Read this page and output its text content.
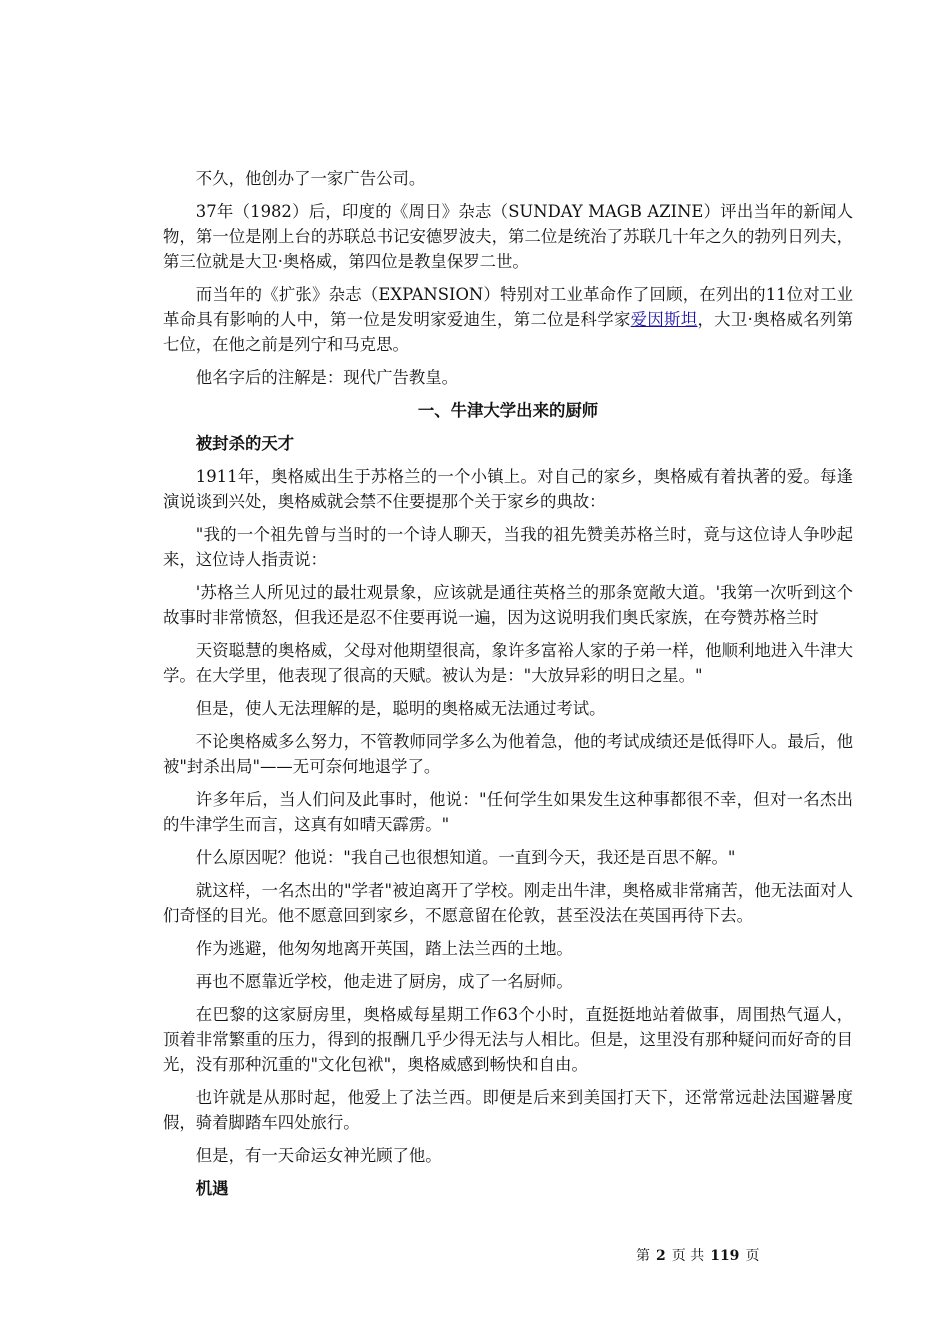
不久，他创办了一家广告公司。

37年（1982）后，印度的《周日》杂志（SUNDAY MAGB AZINE）评出当年的新闻人物，第一位是刚上台的苏联总书记安德罗波夫，第二位是统治了苏联几十年之久的勃列日列夫，第三位就是大卫·奥格威，第四位是教皇保罗二世。

而当年的《扩张》杂志（EXPANSION）特别对工业革命作了回顾，在列出的11位对工业革命具有影响的人中，第一位是发明家爱迪生，第二位是科学家爱因斯坦，大卫·奥格威名列第七位，在他之前是列宁和马克思。

他名字后的注解是：现代广告教皇。

一、牛津大学出来的厨师

被封杀的天才

1911年，奥格威出生于苏格兰的一个小镇上。对自己的家乡，奥格威有着执著的爱。每逢演说谈到兴处，奥格威就会禁不住要提那个关于家乡的典故：

"我的一个祖先曾与当时的一个诗人聊天，当我的祖先赞美苏格兰时，竟与这位诗人争吵起来，这位诗人指责说：

'苏格兰人所见过的最壮观景象，应该就是通往英格兰的那条宽敞大道。'我第一次听到这个故事时非常愤怒，但我还是忍不住要再说一遍，因为这说明我们奥氏家族，在夸赞苏格兰时

天资聪慧的奥格威，父母对他期望很高，象许多富裕人家的子弟一样，他顺利地进入牛津大学。在大学里，他表现了很高的天赋。被认为是："大放异彩的明日之星。"

但是，使人无法理解的是，聪明的奥格威无法通过考试。

不论奥格威多么努力，不管教师同学多么为他着急，他的考试成绩还是低得吓人。最后，他被"封杀出局"——无可奈何地退学了。

许多年后，当人们问及此事时，他说："任何学生如果发生这种事都很不幸，但对一名杰出的牛津学生而言，这真有如晴天霹雳。"

什么原因呢？他说："我自己也很想知道。一直到今天，我还是百思不解。"

就这样，一名杰出的"学者"被迫离开了学校。刚走出牛津，奥格威非常痛苦，他无法面对人们奇怪的目光。他不愿意回到家乡，不愿意留在伦敦，甚至没法在英国再待下去。

作为逃避，他匆匆地离开英国，踏上法兰西的土地。

再也不愿靠近学校，他走进了厨房，成了一名厨师。

在巴黎的这家厨房里，奥格威每星期工作63个小时，直挺挺地站着做事，周围热气逼人，顶着非常繁重的压力，得到的报酬几乎少得无法与人相比。但是，这里没有那种疑问而好奇的目光，没有那种沉重的"文化包袱"，奥格威感到畅快和自由。

也许就是从那时起，他爱上了法兰西。即便是后来到美国打天下，还常常远赴法国避暑度假，骑着脚踏车四处旅行。

但是，有一天命运女神光顾了他。

机遇

第 2 页 共 119 页
